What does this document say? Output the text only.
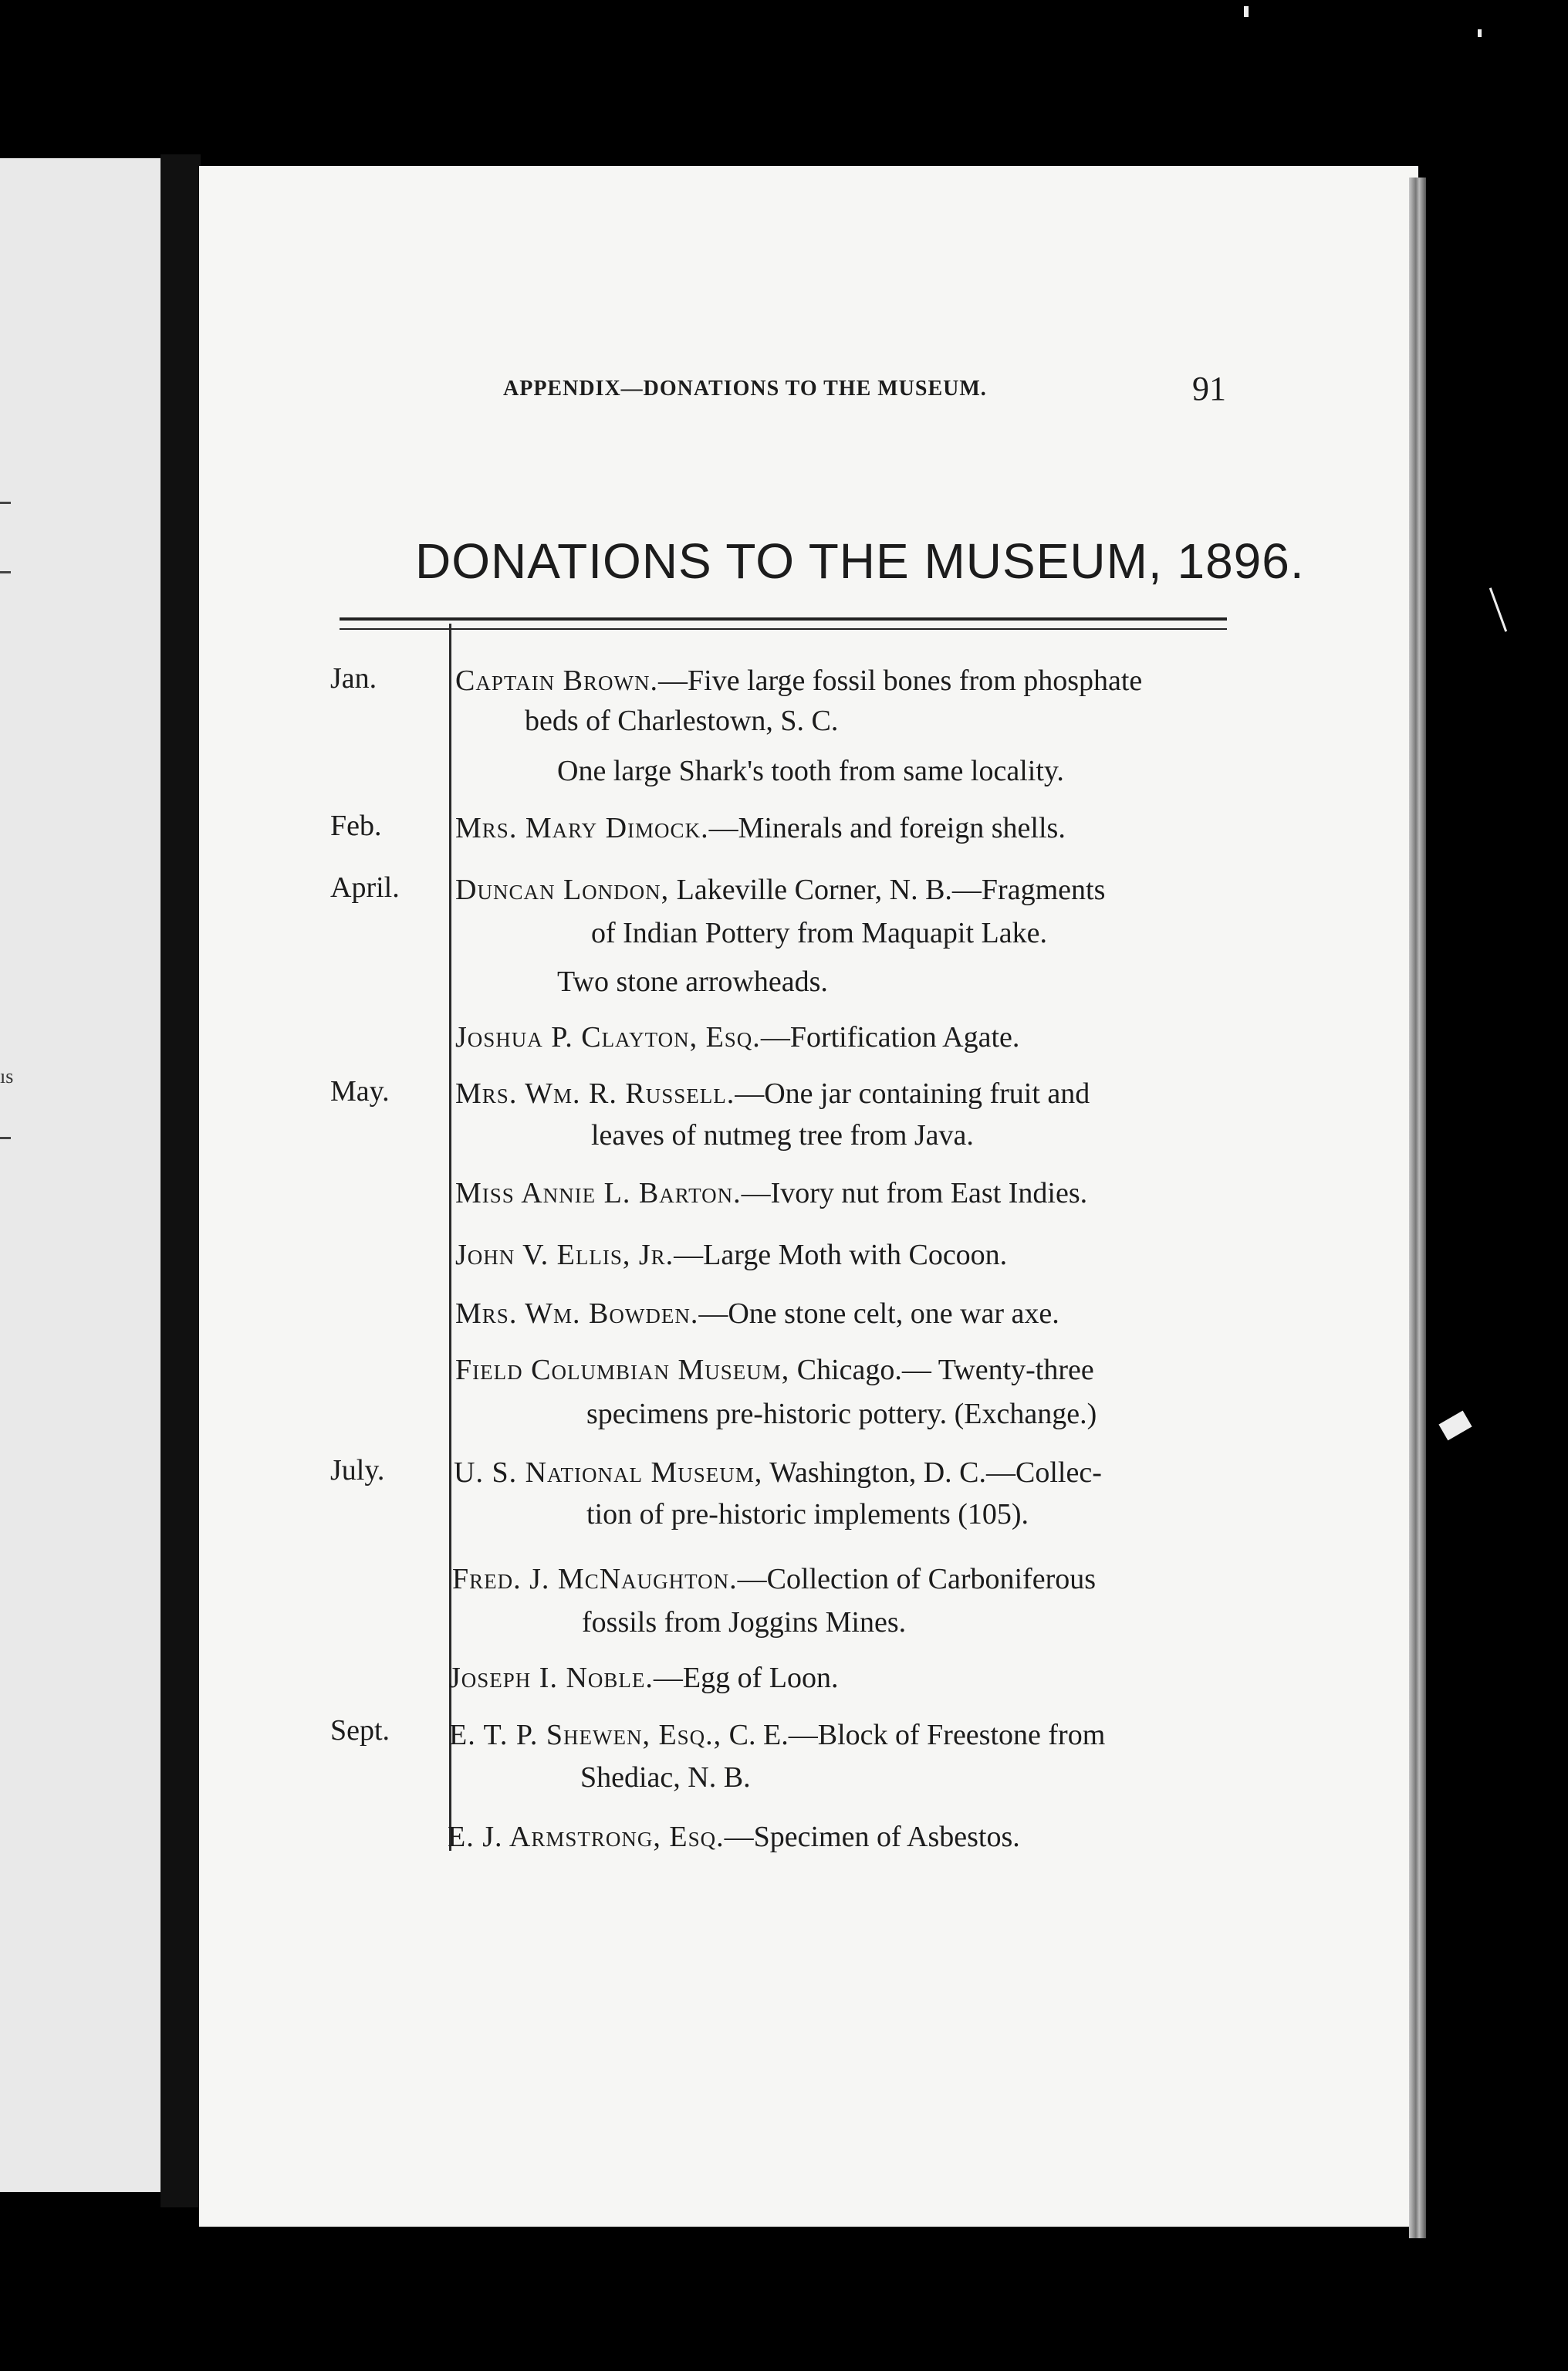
ıs
APPENDIX—DONATIONS TO THE MUSEUM.	91
DONATIONS TO THE MUSEUM, 1896.
Jan.
Feb.
April.
May.
July.
Sept.
Captain Brown.—Five large fossil bones from phosphate
beds of Charlestown, S. C.
One large Shark's tooth from same locality.
Mrs. Mary Dimock.—Minerals and foreign shells.
Duncan London, Lakeville Corner, N. B.—Fragments
of Indian Pottery from Maquapit Lake.
Two stone arrowheads.
Joshua P. Clayton, Esq.—Fortification Agate.
Mrs. Wm. R. Russell.—One jar containing fruit and
leaves of nutmeg tree from Java.
Miss Annie L. Barton.—Ivory nut from East Indies.
John V. Ellis, Jr.—Large Moth with Cocoon.
Mrs. Wm. Bowden.—One stone celt, one war axe.
Field Columbian Museum, Chicago.— Twenty-three
specimens pre-historic pottery. (Exchange.)
U. S. National Museum, Washington, D. C.—Collec-
tion of pre-historic implements (105).
Fred. J. McNaughton.—Collection of Carboniferous
fossils from Joggins Mines.
Joseph I. Noble.—Egg of Loon.
E. T. P. Shewen, Esq., C. E.—Block of Freestone from
Shediac, N. B.
E. J. Armstrong, Esq.—Specimen of Asbestos.
